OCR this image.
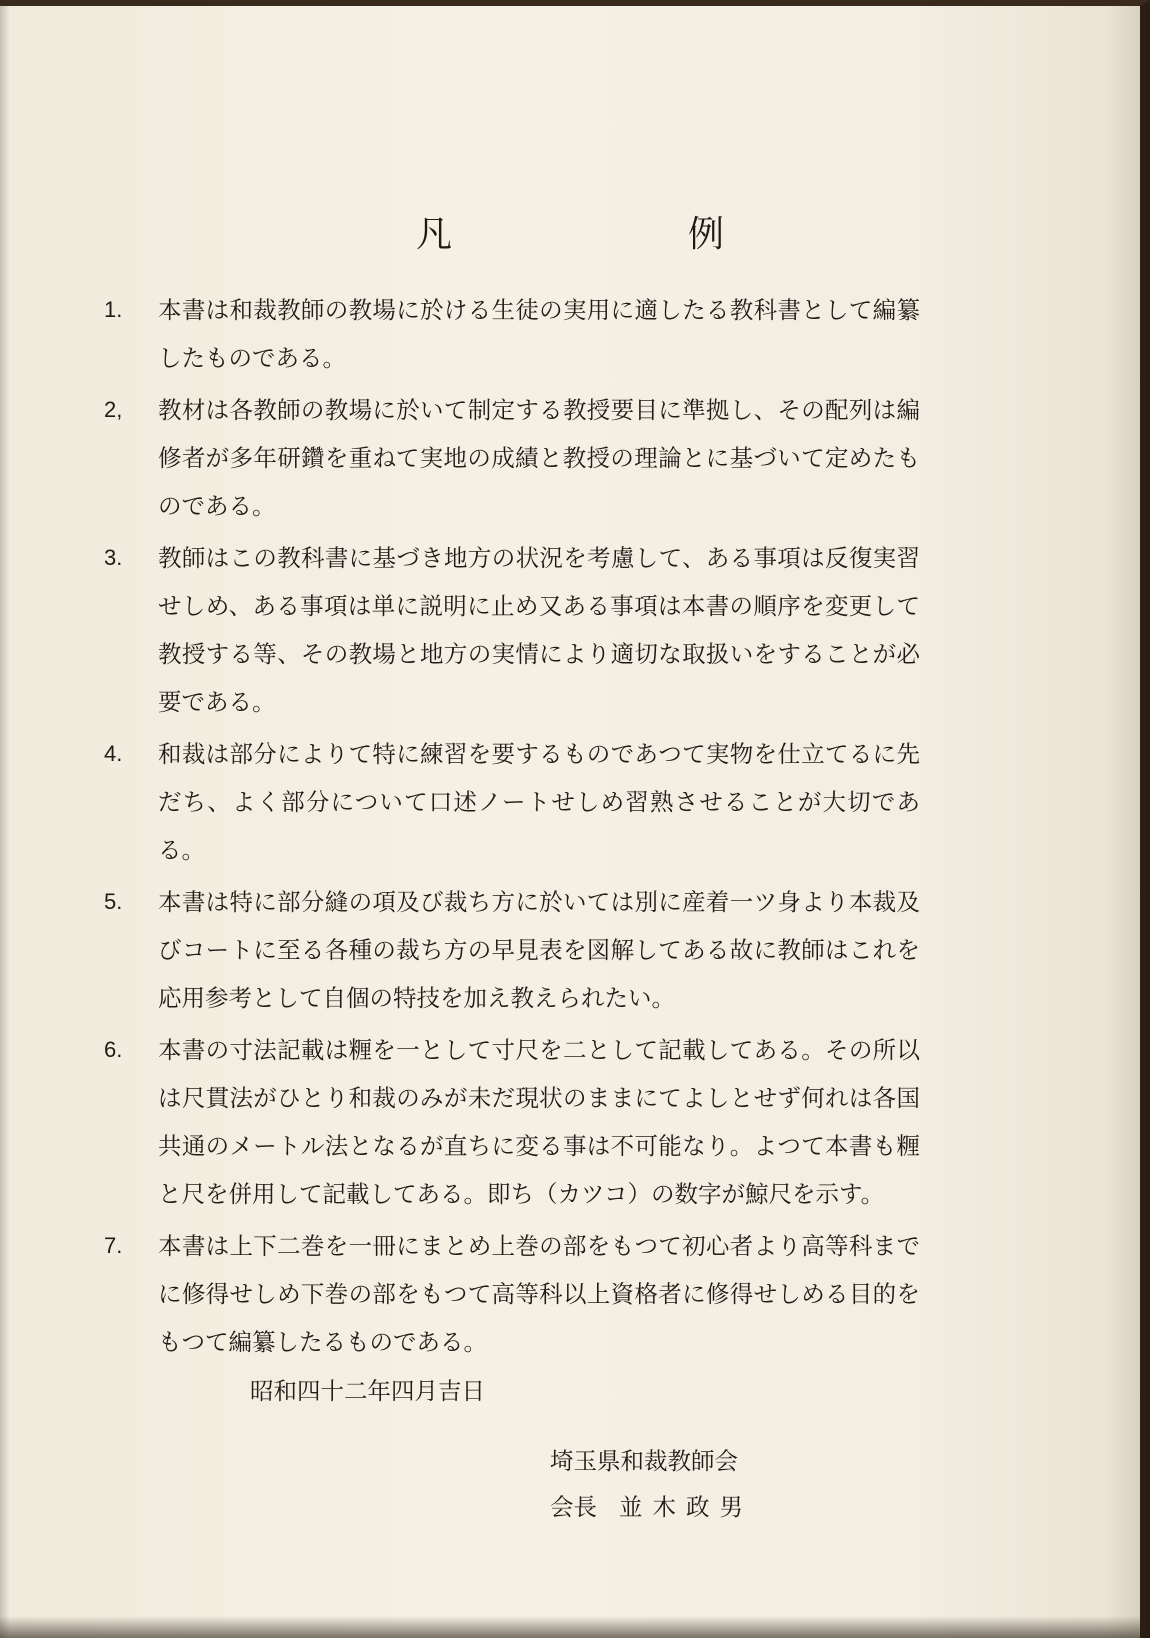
凡　例
1. 本書は和裁教師の教場に於ける生徒の実用に適したる教科書として編纂したものである。
2, 教材は各教師の教場に於いて制定する教授要目に準拠し、その配列は編修者が多年研鑽を重ねて実地の成績と教授の理論とに基づいて定めたものである。
3. 教師はこの教科書に基づき地方の状況を考慮して、ある事項は反復実習せしめ、ある事項は単に説明に止め又ある事項は本書の順序を変更して教授する等、その教場と地方の実情により適切な取扱いをすることが必要である。
4. 和裁は部分によりて特に練習を要するものであつて実物を仕立てるに先だち、よく部分について口述ノートせしめ習熟させることが大切である。
5. 本書は特に部分縫の項及び裁ち方に於いては別に産着一ツ身より本裁及びコートに至る各種の裁ち方の早見表を図解してある故に教師はこれを応用参考として自個の特技を加え教えられたい。
6. 本書の寸法記載は糎を一として寸尺を二として記載してある。その所以は尺貫法がひとり和裁のみが未だ現状のままにてよしとせず何れは各国共通のメートル法となるが直ちに変る事は不可能なり。よつて本書も糎と尺を併用して記載してある。即ち（カツコ）の数字が鯨尺を示す。
7. 本書は上下二巻を一冊にまとめ上巻の部をもつて初心者より高等科までに修得せしめ下巻の部をもつて高等科以上資格者に修得せしめる目的をもつて編纂したるものである。

昭和四十二年四月吉日

埼玉県和裁教師会
会長 並木政男
